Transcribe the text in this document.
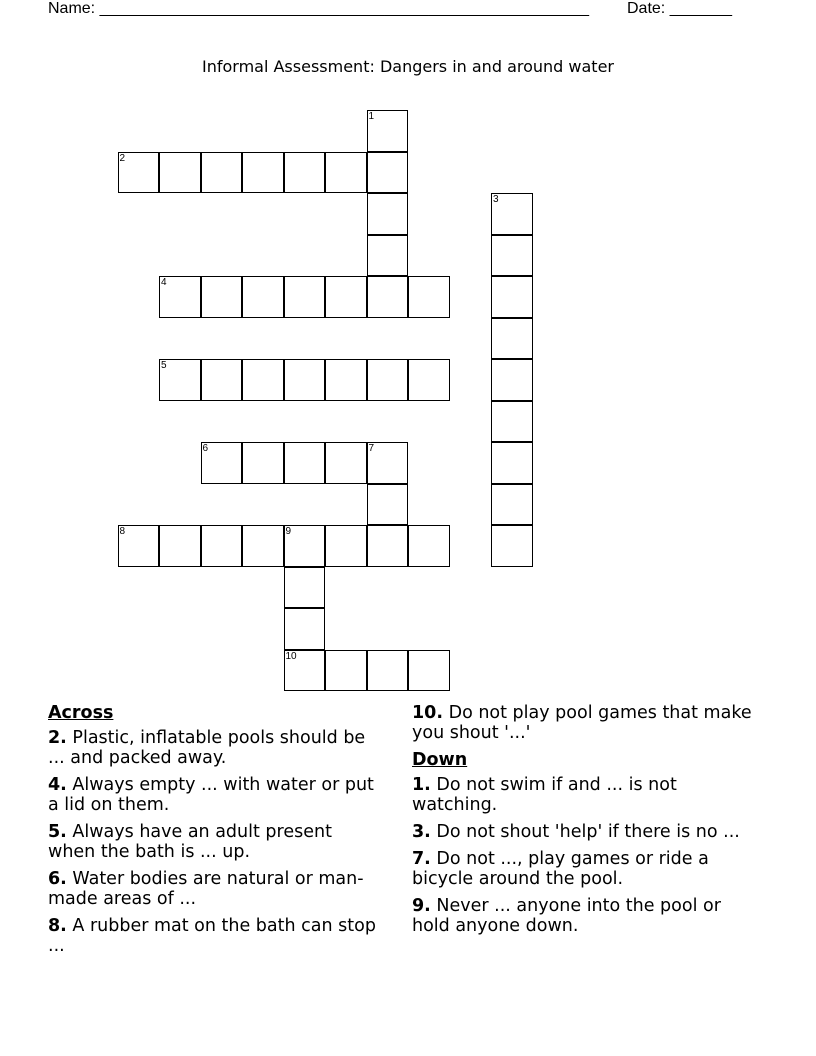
Name: _______________________________________________________ Date: _______
Informal Assessment: Dangers in and around water
1
2
3
4
5
6	7
8	9
10
Across
2. Plastic, inflatable pools should be ... and packed away.
4. Always empty ... with water or put a lid on them.
5. Always have an adult present when the bath is ... up.
6. Water bodies are natural or man-made areas of ...
8. A rubber mat on the bath can stop ...
10. Do not play pool games that make you shout '...'
Down
1. Do not swim if and ... is not watching.
3. Do not shout 'help' if there is no ...
7. Do not ..., play games or ride a bicycle around the pool.
9. Never ... anyone into the pool or hold anyone down.
